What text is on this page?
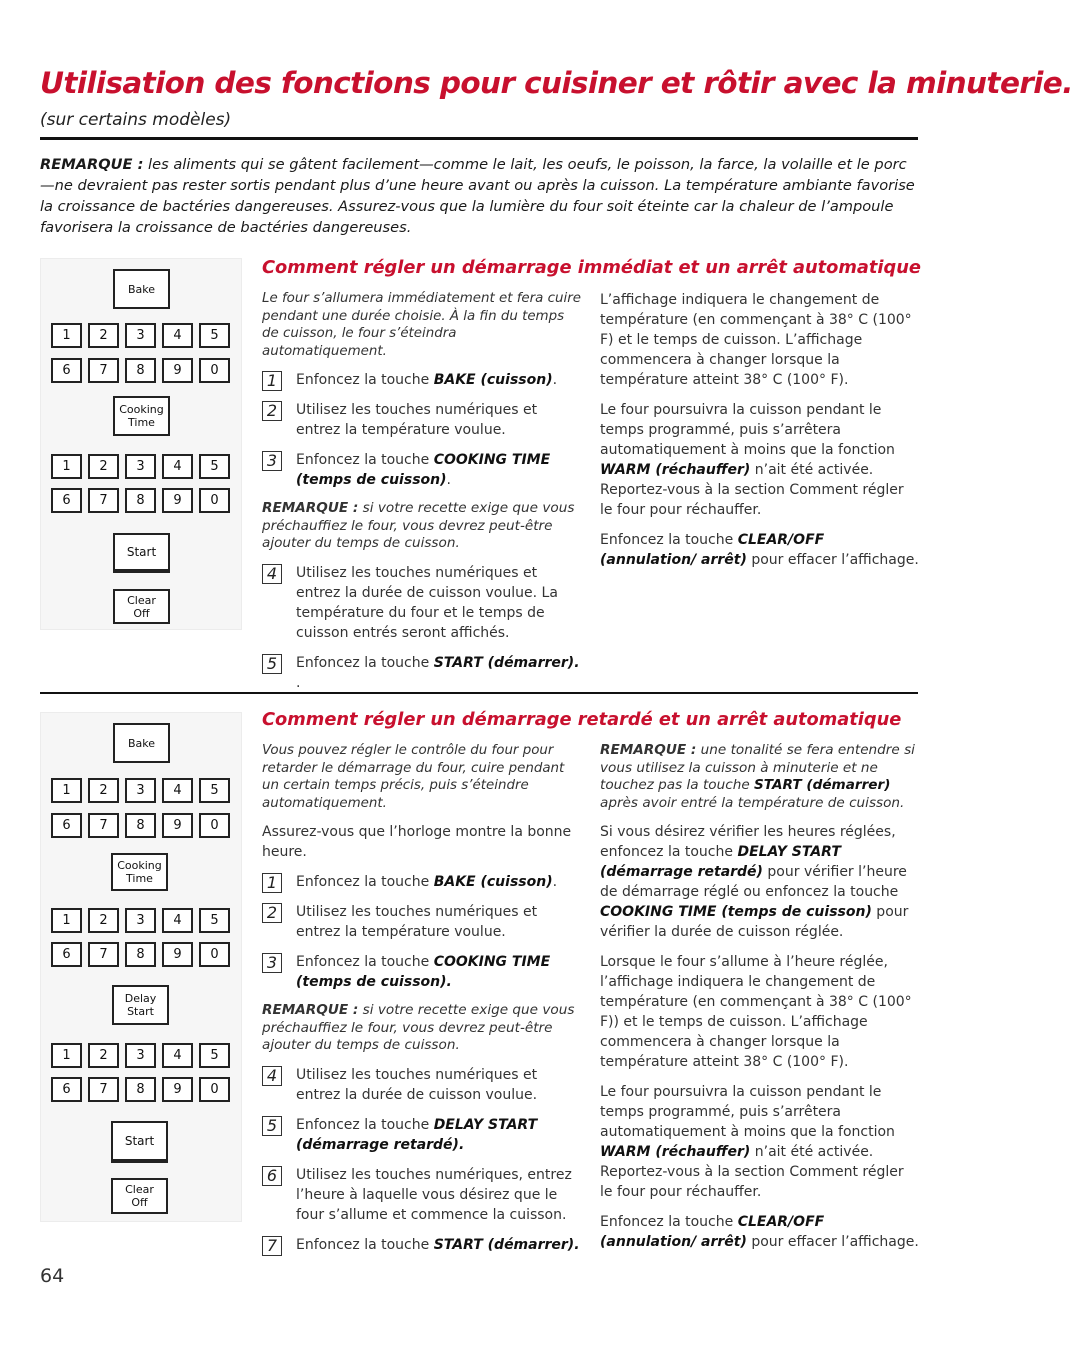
Utilisation des fonctions pour cuisiner et rôtir avec la minuterie.

(sur certains modèles)

REMARQUE : les aliments qui se gâtent facilement—comme le lait, les oeufs, le poisson, la farce, la volaille et le porc—ne devraient pas rester sortis pendant plus d’une heure avant ou après la cuisson. La température ambiante favorise la croissance de bactéries dangereuses. Assurez-vous que la lumière du four soit éteinte car la chaleur de l’ampoule favorisera la croissance de bactéries dangereuses.

Bake
1	2	3	4	5
6	7	8	9	0
Cooking
Time
1	2	3	4	5
6	7	8	9	0
Start
Clear
Off
Comment régler un démarrage immédiat et un arrêt automatique

Le four s’allumera immédiatement et fera cuire pendant une durée choisie. À la fin du temps de cuisson, le four s’éteindra automatiquement.

1	Enfoncez la touche BAKE (cuisson).
2	Utilisez les touches numériques et entrez la température voulue.
3	Enfoncez la touche COOKING TIME (temps de cuisson).

REMARQUE : si votre recette exige que vous préchauffiez le four, vous devrez peut-être ajouter du temps de cuisson.

4	Utilisez les touches numériques et entrez la durée de cuisson voulue. La température du four et le temps de cuisson entrés seront affichés.
5	Enfoncez la touche START (démarrer). .

L’affichage indiquera le changement de température (en commençant à 38° C (100° F) et le temps de cuisson. L’affichage commencera à changer lorsque la température atteint 38° C (100° F).

Le four poursuivra la cuisson pendant le temps programmé, puis s’arrêtera automatiquement à moins que la fonction WARM (réchauffer) n’ait été activée. Reportez-vous à la section Comment régler le four pour réchauffer.

Enfoncez la touche CLEAR/OFF (annulation/ arrêt) pour effacer l’affichage.

Bake
1	2	3	4	5
6	7	8	9	0
Cooking
Time
1	2	3	4	5
6	7	8	9	0
Delay
Start
1	2	3	4	5
6	7	8	9	0
Start
Clear
Off
Comment régler un démarrage retardé et un arrêt automatique

Vous pouvez régler le contrôle du four pour retarder le démarrage du four, cuire pendant un certain temps précis, puis s’éteindre automatiquement.

Assurez-vous que l’horloge montre la bonne heure.

1	Enfoncez la touche BAKE (cuisson).
2	Utilisez les touches numériques et entrez la température voulue.
3	Enfoncez la touche COOKING TIME (temps de cuisson).

REMARQUE : si votre recette exige que vous préchauffiez le four, vous devrez peut-être ajouter du temps de cuisson.

4	Utilisez les touches numériques et entrez la durée de cuisson voulue.
5	Enfoncez la touche DELAY START (démarrage retardé).
6	Utilisez les touches numériques, entrez l’heure à laquelle vous désirez que le four s’allume et commence la cuisson.
7	Enfoncez la touche START (démarrer).

REMARQUE : une tonalité se fera entendre si vous utilisez la cuisson à minuterie et ne touchez pas la touche START (démarrer) après avoir entré la température de cuisson.

Si vous désirez vérifier les heures réglées, enfoncez la touche DELAY START (démarrage retardé) pour vérifier l’heure de démarrage réglé ou enfoncez la touche COOKING TIME (temps de cuisson) pour vérifier la durée de cuisson réglée.

Lorsque le four s’allume à l’heure réglée, l’affichage indiquera le changement de température (en commençant à 38° C (100° F)) et le temps de cuisson. L’affichage commencera à changer lorsque la température atteint 38° C (100° F).

Le four poursuivra la cuisson pendant le temps programmé, puis s’arrêtera automatiquement à moins que la fonction WARM (réchauffer) n’ait été activée. Reportez-vous à la section Comment régler le four pour réchauffer.

Enfoncez la touche CLEAR/OFF (annulation/ arrêt) pour effacer l’affichage.

64
